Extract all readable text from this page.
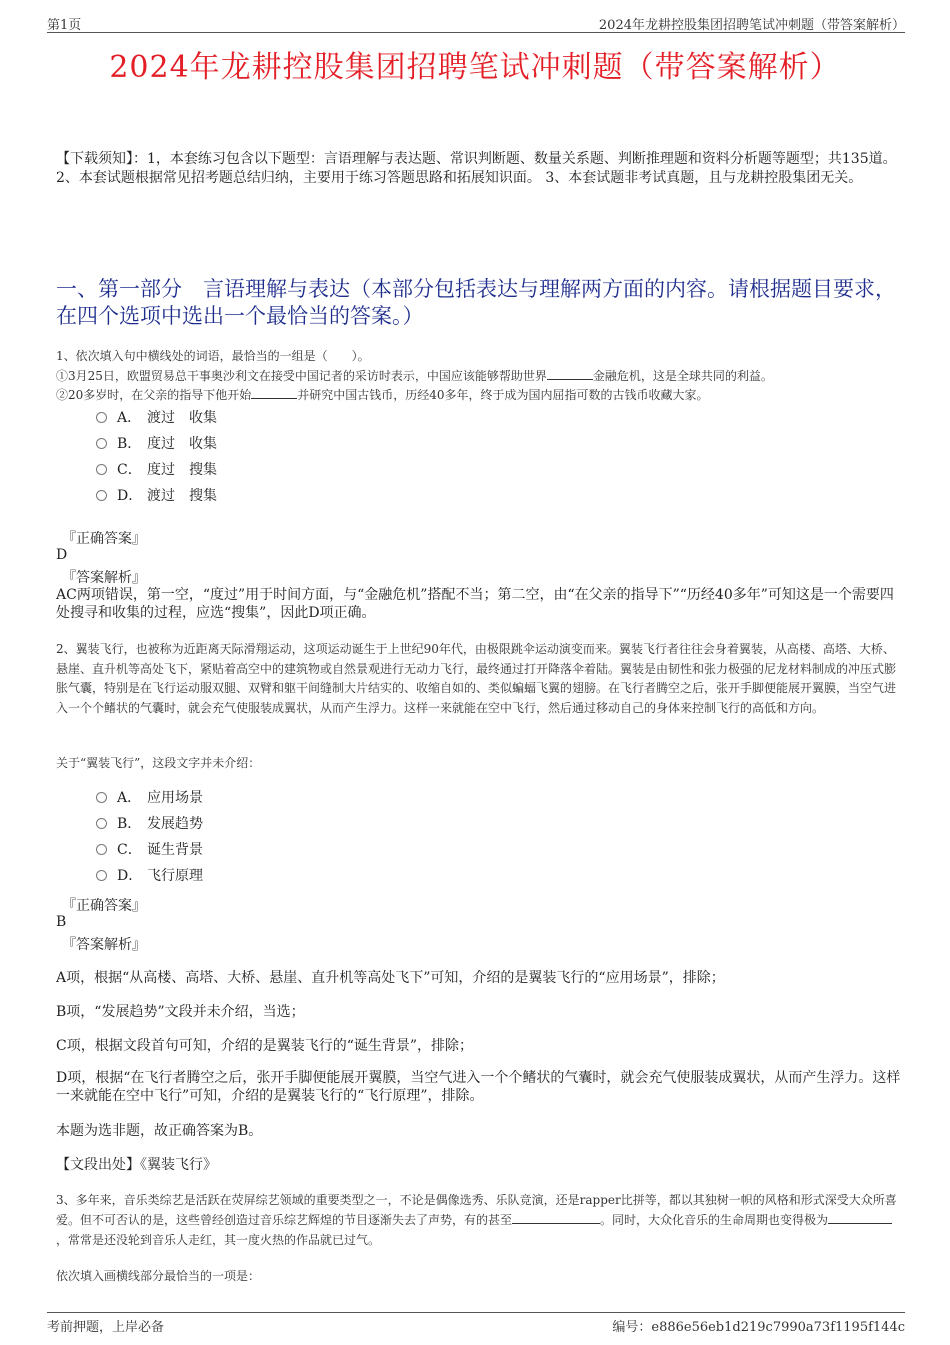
第1页	2024年龙耕控股集团招聘笔试冲刺题（带答案解析）
2024年龙耕控股集团招聘笔试冲刺题（带答案解析）
【下载须知】：1，本套练习包含以下题型：言语理解与表达题、常识判断题、数量关系题、判断推理题和资料分析题等题型；共135道。 2、本套试题根据常见招考题总结归纳，主要用于练习答题思路和拓展知识面。 3、本套试题非考试真题，且与龙耕控股集团无关。
一、第一部分　言语理解与表达（本部分包括表达与理解两方面的内容。请根据题目要求，在四个选项中选出一个最恰当的答案。）
1、依次填入句中横线处的词语，最恰当的一组是（　　）。
①3月25日，欧盟贸易总干事奥沙利文在接受中国记者的采访时表示，中国应该能够帮助世界	金融危机，这是全球共同的利益。
②20多岁时，在父亲的指导下他开始	并研究中国古钱币，历经40多年，终于成为国内屈指可数的古钱币收藏大家。
A． 渡过　收集
B． 度过　收集
C． 度过　搜集
D． 渡过　搜集
『正确答案』
D
『答案解析』
AC两项错误，第一空，“度过”用于时间方面，与“金融危机”搭配不当；第二空，由“在父亲的指导下”“历经40多年”可知这是一个需要四处搜寻和收集的过程，应选“搜集”，因此D项正确。
2、翼装飞行，也被称为近距离天际滑翔运动，这项运动诞生于上世纪90年代，由极限跳伞运动演变而来。翼装飞行者往往会身着翼装，从高楼、高塔、大桥、悬崖、直升机等高处飞下，紧贴着高空中的建筑物或自然景观进行无动力飞行，最终通过打开降落伞着陆。翼装是由韧性和张力极强的尼龙材料制成的冲压式膨胀气囊，特别是在飞行运动服双腿、双臂和躯干间缝制大片结实的、收缩自如的、类似蝙蝠飞翼的翅膀。在飞行者腾空之后，张开手脚便能展开翼膜，当空气进入一个个鳍状的气囊时，就会充气使服装成翼状，从而产生浮力。这样一来就能在空中飞行，然后通过移动自己的身体来控制飞行的高低和方向。
关于“翼装飞行”，这段文字并未介绍：
A． 应用场景
B． 发展趋势
C． 诞生背景
D． 飞行原理
『正确答案』
B
『答案解析』
A项，根据“从高楼、高塔、大桥、悬崖、直升机等高处飞下”可知，介绍的是翼装飞行的“应用场景”，排除；
B项，“发展趋势”文段并未介绍，当选；
C项，根据文段首句可知，介绍的是翼装飞行的“诞生背景”，排除；
D项，根据“在飞行者腾空之后，张开手脚便能展开翼膜，当空气进入一个个鳍状的气囊时，就会充气使服装成翼状，从而产生浮力。这样一来就能在空中飞行”可知，介绍的是翼装飞行的“飞行原理”，排除。
本题为选非题，故正确答案为B。
【文段出处】《翼装飞行》
3、多年来，音乐类综艺是活跃在荧屏综艺领域的重要类型之一，不论是偶像选秀、乐队竞演，还是rapper比拼等，都以其独树一帜的风格和形式深受大众所喜爱。但不可否认的是，这些曾经创造过音乐综艺辉煌的节目逐渐失去了声势，有的甚至	。同时，大众化音乐的生命周期也变得极为，常常是还没轮到音乐人走红，其一度火热的作品就已过气。
依次填入画横线部分最恰当的一项是：
考前押题，上岸必备	编号：e886e56eb1d219c7990a73f1195f144c
